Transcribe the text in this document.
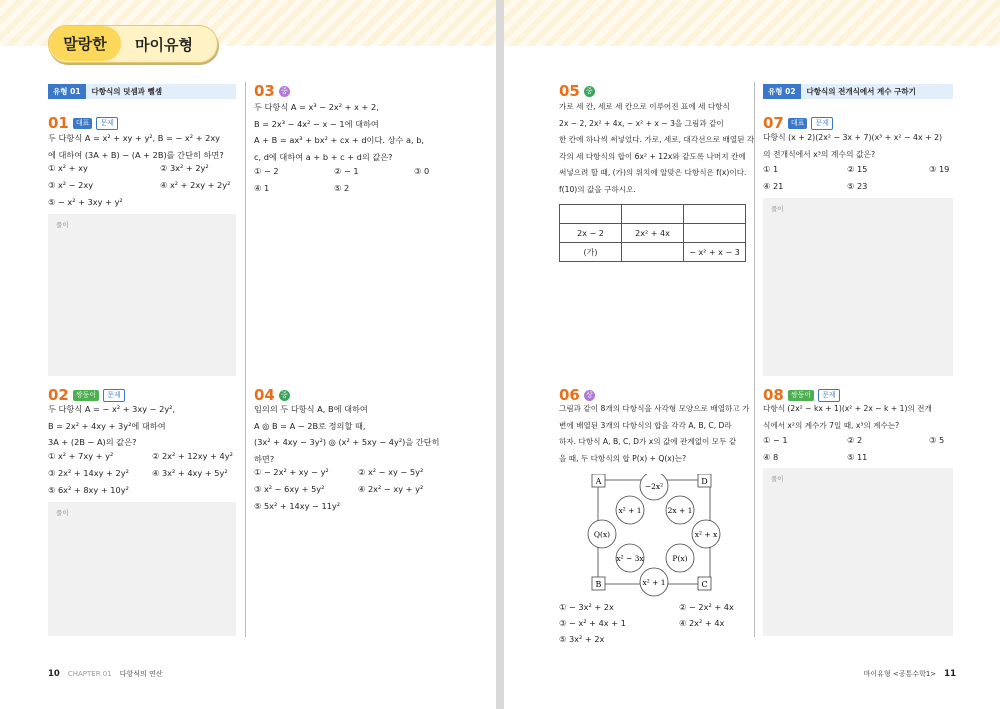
말랑한	마이유형
유형 01	다항식의 덧셈과 뺄셈
01	대표	문제
두 다항식 A = x² + xy + y², B = − x² + 2xy
에 대하여 (3A + B) − (A + 2B)를 간단히 하면?
① x² + xy	② 3x² + 2y²
③ x² − 2xy	④ x² + 2xy + 2y²
⑤ − x² + 3xy + y²
풀이
02	쌍둥이	문제
두 다항식 A = − x² + 3xy − 2y²,
B = 2x² + 4xy + 3y²에 대하여
3A + (2B − A)의 값은?
① x² + 7xy + y²	② 2x² + 12xy + 4y²
③ 2x² + 14xy + 2y²	④ 3x² + 4xy + 5y²
⑤ 6x² + 8xy + 10y²
풀이
03 중
두 다항식 A = x³ − 2x² + x + 2,
B = 2x³ − 4x² − x − 1에 대하여
A + B = ax³ + bx² + cx + d이다. 상수 a, b,
c, d에 대하여 a + b + c + d의 값은?
① − 2	② − 1	③ 0
④ 1	⑤ 2
04 중
임의의 두 다항식 A, B에 대하여
A ◎ B = A − 2B로 정의할 때,
(3x² + 4xy − 3y²) ◎ (x² + 5xy − 4y²)을 간단히
하면?
① − 2x² + xy − y²	② x² − xy − 5y²
③ x² − 6xy + 5y²	④ 2x² − xy + y²
⑤ 5x² + 14xy − 11y²
10 CHAPTER 01 다항식의 연산
05 중
가로 세 칸, 세로 세 칸으로 이루어진 표에 세 다항식
2x − 2, 2x² + 4x, − x² + x − 3을 그림과 같이
한 칸에 하나씩 써넣었다. 가로, 세로, 대각선으로 배열된 각
각의 세 다항식의 합이 6x² + 12x와 같도록 나머지 칸에
써넣으려 할 때, (가)의 위치에 알맞은 다항식은 f(x)이다.
f(10)의 값을 구하시오.

2x − 2	2x² + 4x	
(가)		− x² + x − 3
06 상
그림과 같이 8개의 다항식을 사각형 모양으로 배열하고 가
변에 배열된 3개의 다항식의 합을 각각 A, B, C, D라
하자. 다항식 A, B, C, D가 x의 값에 관계없이 모두 같
을 때, 두 다항식의 합 P(x) + Q(x)는?
A	D
B	C
−2x²
x² + 1	2x + 1
Q(x)	x² + x
x² − 3x	P(x)
x² + 1
① − 3x² + 2x	② − 2x² + 4x
③ − x² + 4x + 1	④ 2x² + 4x
⑤ 3x² + 2x
유형 02	다항식의 전개식에서 계수 구하기
07	대표	문제
다항식 (x + 2)(2x² − 3x + 7)(x³ + x² − 4x + 2)
의 전개식에서 x³의 계수의 값은?
① 1	② 15	③ 19
④ 21	⑤ 23
풀이
08	쌍둥이	문제
다항식 (2x² − kx + 1)(x² + 2x − k + 1)의 전개
식에서 x²의 계수가 7일 때, x³의 계수는?
① − 1	② 2	③ 5
④ 8	⑤ 11
풀이
마이유형 <공통수학1> 11
